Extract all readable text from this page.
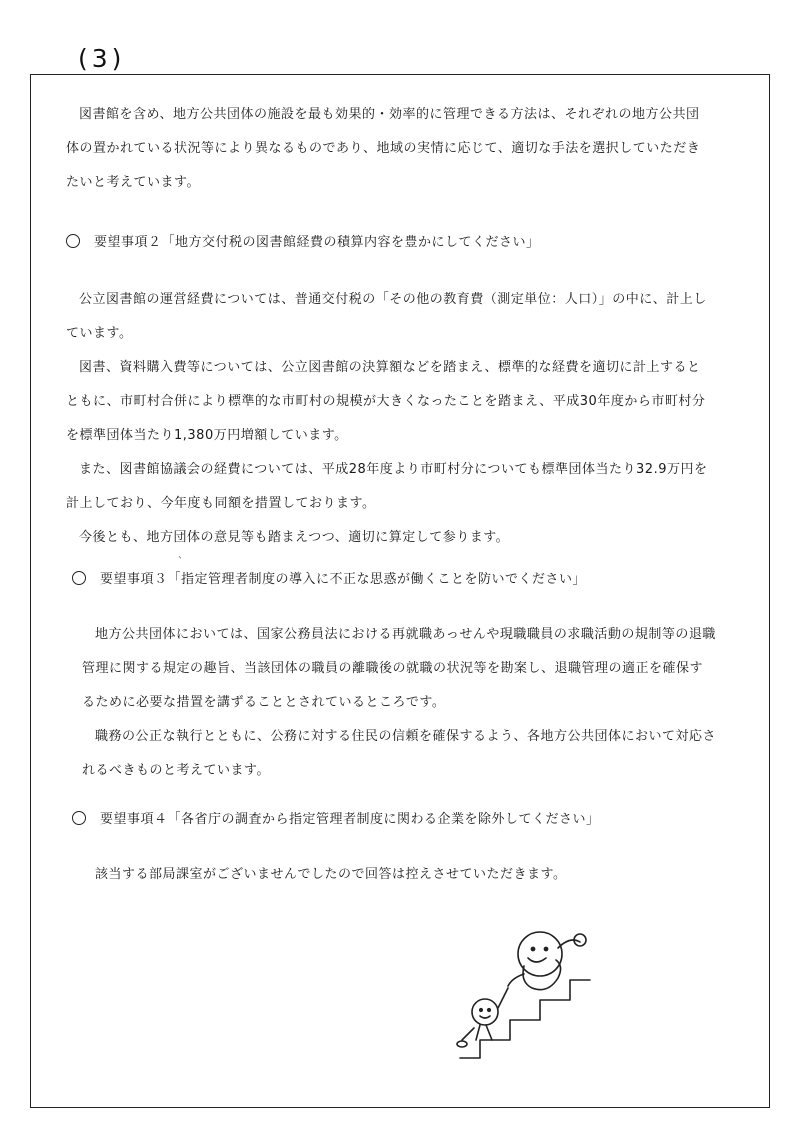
(3)

図書館を含め、地方公共団体の施設を最も効果的・効率的に管理できる方法は、それぞれの地方公共団体の置かれている状況等により異なるものであり、地域の実情に応じて、適切な手法を選択していただきたいと考えています。

要望事項２「地方交付税の図書館経費の積算内容を豊かにしてください」

公立図書館の運営経費については、普通交付税の「その他の教育費（測定単位：人口）」の中に、計上しています。

図書、資料購入費等については、公立図書館の決算額などを踏まえ、標準的な経費を適切に計上するとともに、市町村合併により標準的な市町村の規模が大きくなったことを踏まえ、平成30年度から市町村分を標準団体当たり1,380万円増額しています。

また、図書館協議会の経費については、平成28年度より市町村分についても標準団体当たり32.9万円を計上しており、今年度も同額を措置しております。

今後とも、地方団体の意見等も踏まえつつ、適切に算定して参ります。

、
要望事項３「指定管理者制度の導入に不正な思惑が働くことを防いでください」

地方公共団体においては、国家公務員法における再就職あっせんや現職職員の求職活動の規制等の退職管理に関する規定の趣旨、当該団体の職員の離職後の就職の状況等を勘案し、退職管理の適正を確保するために必要な措置を講ずることとされているところです。

職務の公正な執行とともに、公務に対する住民の信頼を確保するよう、各地方公共団体において対応されるべきものと考えています。

要望事項４「各省庁の調査から指定管理者制度に関わる企業を除外してください」

該当する部局課室がございませんでしたので回答は控えさせていただきます。
